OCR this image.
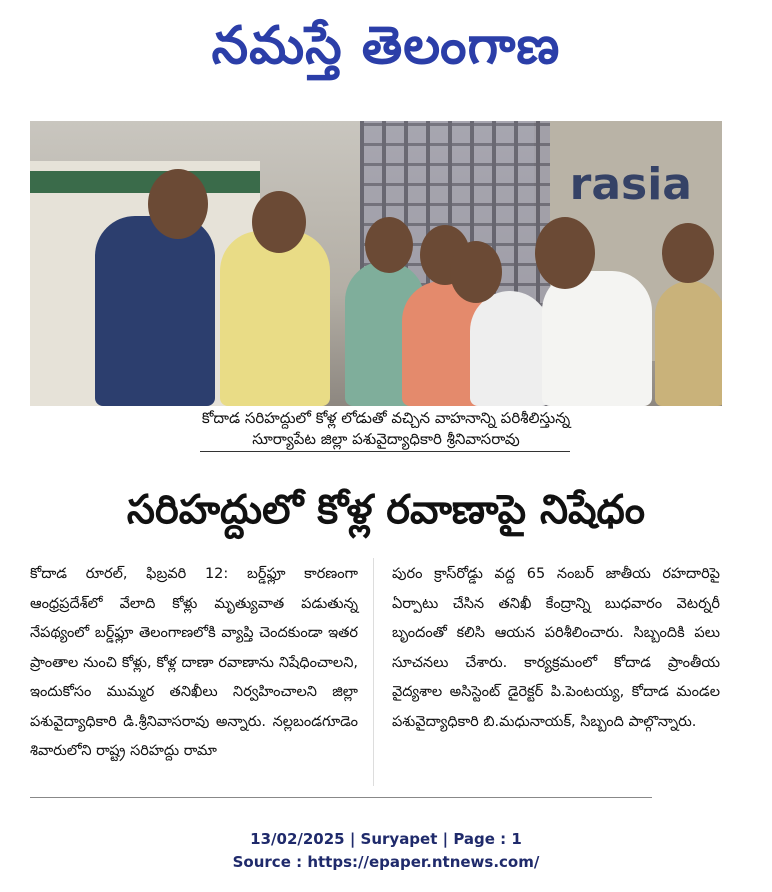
నమస్తే తెలంగాణ
rasia
కోదాడ సరిహద్దులో కోళ్ల లోడుతో వచ్చిన వాహనాన్ని పరిశీలిస్తున్న
సూర్యాపేట జిల్లా పశువైద్యాధికారి శ్రీనివాసరావు
సరిహద్దులో కోళ్ల రవాణాపై నిషేధం
కోదాడ రూరల్, ఫిబ్రవరి 12: బర్డ్‌ఫ్లూ కారణంగా ఆంధ్రప్రదేశ్‌లో వేలాది కోళ్లు మృత్యువాత పడుతున్న నేపథ్యంలో బర్డ్‌ఫ్లూ తెలంగాణలోకి వ్యాప్తి చెందకుండా ఇతర ప్రాంతాల నుంచి కోళ్లు, కోళ్ల దాణా రవాణాను నిషేధించాలని, ఇందుకోసం ముమ్మర తనిఖీలు నిర్వహించాలని జిల్లా పశువైద్యాధికారి డి.శ్రీనివాసరావు అన్నారు. నల్లబండగూడెం శివారులోని రాష్ట్ర సరిహద్దు రామా
పురం క్రాస్‌రోడ్డు వద్ద 65 నంబర్ జాతీయ రహదారిపై ఏర్పాటు చేసిన తనిఖీ కేంద్రాన్ని బుధవారం వెటర్నరీ బృందంతో కలిసి ఆయన పరిశీలించారు. సిబ్బందికి పలు సూచనలు చేశారు. కార్యక్రమంలో కోదాడ ప్రాంతీయ వైద్యశాల అసిస్టెంట్ డైరెక్టర్ పి.పెంటయ్య, కోదాడ మండల పశువైద్యాధికారి బి.మధునాయక్, సిబ్బంది పాల్గొన్నారు.
13/02/2025 | Suryapet | Page : 1
Source : https://epaper.ntnews.com/
